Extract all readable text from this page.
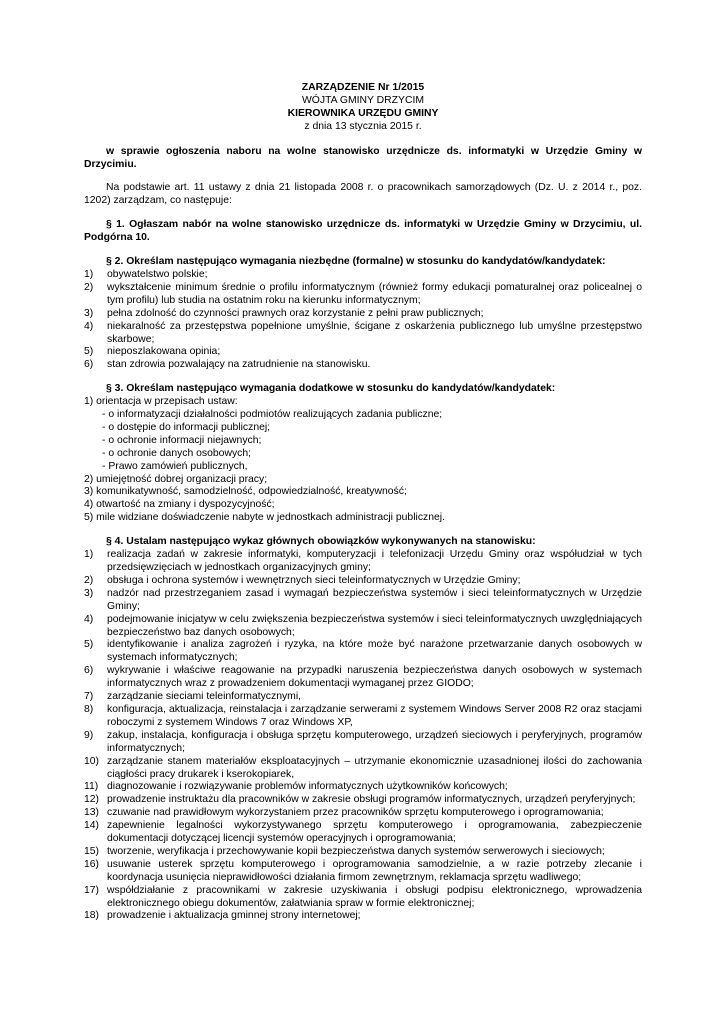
ZARZĄDZENIE Nr 1/2015
WÓJTA GMINY DRZYCIM
KIEROWNIKA URZĘDU GMINY
z dnia 13 stycznia 2015 r.

w sprawie ogłoszenia naboru na wolne stanowisko urzędnicze ds. informatyki w Urzędzie Gminy w Drzycimiu.

Na podstawie art. 11 ustawy z dnia 21 listopada 2008 r. o pracownikach samorządowych (Dz. U. z 2014 r., poz. 1202) zarządzam, co następuje:

§ 1. Ogłaszam nabór na wolne stanowisko urzędnicze ds. informatyki w Urzędzie Gminy w Drzycimiu, ul. Podgórna 10.

§ 2. Określam następująco wymagania niezbędne (formalne) w stosunku do kandydatów/kandydatek:

1) obywatelstwo polskie;
2) wykształcenie minimum średnie o profilu informatycznym (również formy edukacji pomaturalnej oraz policealnej o tym profilu) lub studia na ostatnim roku na kierunku informatycznym;
3) pełna zdolność do czynności prawnych oraz korzystanie z pełni praw publicznych;
4) niekaralność za przestępstwa popełnione umyślnie, ścigane z oskarżenia publicznego lub umyślne przestępstwo skarbowe;
5) nieposzlakowana opinia;
6) stan zdrowia pozwalający na zatrudnienie na stanowisku.

§ 3. Określam następująco wymagania dodatkowe w stosunku do kandydatów/kandydatek:

1) orientacja w przepisach ustaw:
- o informatyzacji działalności podmiotów realizujących zadania publiczne;
- o dostępie do informacji publicznej;
- o ochronie informacji niejawnych;
- o ochronie danych osobowych;
- Prawo zamówień publicznych,
2) umiejętność dobrej organizacji pracy;
3) komunikatywność, samodzielność, odpowiedzialność, kreatywność;
4) otwartość na zmiany i dyspozycyjność;
5) mile widziane doświadczenie nabyte w jednostkach administracji publicznej.

§ 4. Ustalam następująco wykaz głównych obowiązków wykonywanych na stanowisku:

1) realizacja zadań w zakresie informatyki, komputeryzacji i telefonizacji Urzędu Gminy oraz współudział w tych przedsięwzięciach w jednostkach organizacyjnych gminy;
2) obsługa i ochrona systemów i wewnętrznych sieci teleinformatycznych w Urzędzie Gminy;
3) nadzór nad przestrzeganiem zasad i wymagań bezpieczeństwa systemów i sieci teleinformatycznych w Urzędzie Gminy;
4) podejmowanie inicjatyw w celu zwiększenia bezpieczeństwa systemów i sieci teleinformatycznych uwzględniających bezpieczeństwo baz danych osobowych;
5) identyfikowanie i analiza zagrożeń i ryzyka, na które może być narażone przetwarzanie danych osobowych w systemach informatycznych;
6) wykrywanie i właściwe reagowanie na przypadki naruszenia bezpieczeństwa danych osobowych w systemach informatycznych wraz z prowadzeniem dokumentacji wymaganej przez GIODO;
7) zarządzanie sieciami teleinformatycznymi,
8) konfiguracja, aktualizacja, reinstalacja i zarządzanie serwerami z systemem Windows Server 2008 R2 oraz stacjami roboczymi z systemem Windows 7 oraz Windows XP,
9) zakup, instalacja, konfiguracja i obsługa sprzętu komputerowego, urządzeń sieciowych i peryferyjnych, programów informatycznych;
10) zarządzanie stanem materiałów eksploatacyjnych – utrzymanie ekonomicznie uzasadnionej ilości do zachowania ciągłości pracy drukarek i kserokopiarek,
11) diagnozowanie i rozwiązywanie problemów informatycznych użytkowników końcowych;
12) prowadzenie instruktażu dla pracowników w zakresie obsługi programów informatycznych, urządzeń peryferyjnych;
13) czuwanie nad prawidłowym wykorzystaniem przez pracowników sprzętu komputerowego i oprogramowania;
14) zapewnienie legalności wykorzystywanego sprzętu komputerowego i oprogramowania, zabezpieczenie dokumentacji dotyczącej licencji systemów operacyjnych i oprogramowania;
15) tworzenie, weryfikacja i przechowywanie kopii bezpieczeństwa danych systemów serwerowych i sieciowych;
16) usuwanie usterek sprzętu komputerowego i oprogramowania samodzielnie, a w razie potrzeby zlecanie i koordynacja usunięcia nieprawidłowości działania firmom zewnętrznym, reklamacja sprzętu wadliwego;
17) współdziałanie z pracownikami w zakresie uzyskiwania i obsługi podpisu elektronicznego, wprowadzenia elektronicznego obiegu dokumentów, załatwiania spraw w formie elektronicznej;
18) prowadzenie i aktualizacja gminnej strony internetowej;
